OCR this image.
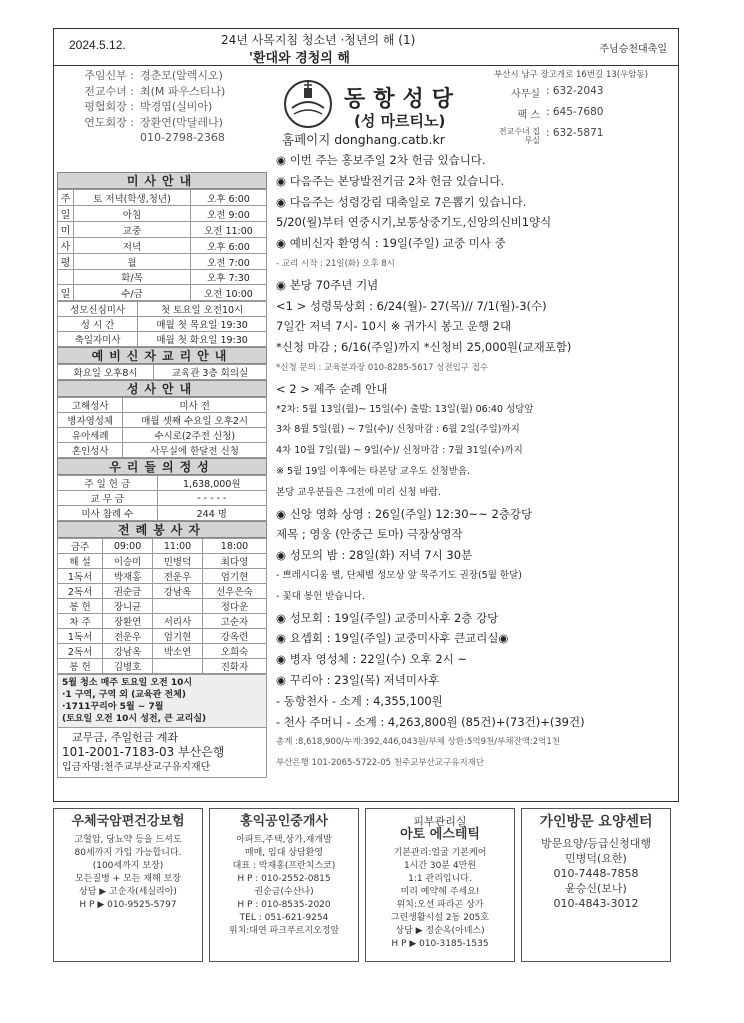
2024.5.12.	24년 사목지침 청소년 ·청년의 해 (1)
'환대와 경청의 해
주님승천대축일
주임신부 : 경춘모(알렉시오)
전교수녀 : 최(M 파우스티나)
평협회장 : 박경엽(실비아)
연도회장 : 장환연(막달레나)
010-2798-2368
동항성당
(성 마르티노)
홈페이지 donghang.catb.kr
부산시 남구 장고개로 16번길 13(우암동)
사무실 : 632-2043
팩 스 : 645-7680
전교수녀 집무실
: 632-5871
미사안내
주	토 저녁(학생,청년)	오후 6:00
일	아침	오전 9:00
미	교중	오전 11:00
사	저녁	오후 6:00
평	월	오전 7:00
	화/목	오후 7:30
일	수/금	오전 10:00
성모신심미사	첫 토요일 오전10시
성 시 간	매월 첫 목요일 19:30
축일자미사	매월 첫 화요일 19:30
예비신자교리안내
화요일 오후8시	교육관 3층 회의실
성사안내
고해성사	미사 전
병자영성체	매월 셋째 수요일 오후2시
유아세례	수시로(2주전 신청)
혼인성사	사무실에 한달전 신청
우리들의정성
주 일 헌 금	1,638,000원
교 무 금	- - - - -
미사 참례 수	244 명
전례봉사자
금주	09:00	11:00	18:00
해 설	이승미	민병덕	최다영
1독서	박재홍	전운우	엄기현
2독서	권순금	강남옥	선우은숙
봉 헌	장니균		정다운
차 주	장환연	서리사	고순자
1독서	전운우	엄기현	강옥련
2독서	강남옥	박소연	오희숙
봉 헌	김병호		진화자
5월 청소 매주 토요일 오전 10시
·1 구역, 구역 외 (교육관 전체)
·1711꾸리아 5월 ~ 7월
(토요일 오전 10시 성전, 큰 교리실)
교무금, 주일헌금 계좌
101-2001-7183-03 부산은행
입금자명:천주교부산교구유지재단
◉ 이번 주는 홍보주일 2차 헌금 있습니다.
◉ 다음주는 본당발전기금 2차 헌금 있습니다.
◉ 다음주는 성령강림 대축일로 7은뽑기 있습니다.
5/20(월)부터 연중시기,보통상중기도,신앙의신비1양식
◉ 예비신자 환영식 : 19일(주일) 교중 미사 중
- 교리 시작 : 21일(화) 오후 8시
◉ 본당 70주년 기념
<1 > 성령묵상회 : 6/24(월)- 27(목)// 7/1(월)-3(수)
7일간 저녁 7시- 10시 ※ 귀가시 봉고 운행 2대
*신청 마감 ; 6/16(주일)까지 *신청비 25,000원(교재포함)
*신청 문의 : 교육분과장 010-8285-5617 성전입구 접수
< 2 > 제주 순례 안내
*2차: 5월 13일(월)~ 15일(수) 출발: 13일(월) 06:40 성당앞
3차 8월 5일(월) ~ 7일(수)/ 신청마감 : 6월 2일(주일)까지
4차 10월 7일(월) ~ 9일(수)/ 신청마감 : 7월 31일(수)까지
※ 5월 19일 이후에는 타본당 교우도 신청받음.
본당 교우분들은 그전에 미리 신청 바람.
◉ 신앙 영화 상영 : 26일(주일) 12:30~~ 2층강당
제목 ; 영웅 (안중근 토마) 극장상영작
◉ 성모의 밤 : 28일(화) 저녁 7시 30분
- 쁘레시디움 별, 단체별 성모상 앞 묵주기도 권장(5월 한달)
- 꽃대 봉헌 받습니다.
◉ 성모회 : 19일(주일) 교중미사후 2층 강당
◉ 요셉회 : 19일(주일) 교중미사후 큰교리실◉
◉ 병자 영성체 : 22일(수) 오후 2시 ~
◉ 꾸리아 : 23일(목) 저녁미사후
- 동항천사 - 소계 : 4,355,100원
- 천사 주머니 - 소계 : 4,263,800원 (85건)+(73건)+(39건)
총계 :8,618,900/누계:392,446,043원/부채 상환:5억9천/부채잔액:2억1천
부산은행 101-2065-5722-05 천주교부산교구유지재단
우체국암편건강보험
고혈압, 당뇨약 등을 드셔도
80세까지 가입 가능합니다.
(100세까지 보장)
모든질병 + 모든 재해 보장
상담 ▶ 고순자(세실리아)
H P ▶ 010-9525-5797
홍익공인중개사
아파트,주택,상가,재개발
매매, 임대 상담환영
대표 : 박재홍(프란치스코)
H P : 010-2552-0815
권순금(수산나)
H P : 010-8535-2020
TEL : 051-621-9254
위치:대연 파크푸르지오정앞
피부관리실
아토 에스테틱
기본관리:얼굴 기본케어
1시간 30분 4만원
1:1 관리입니다.
미리 예약해 주세요!
위치:오션 파라곤 상가
그린생활시설 2동 205호
상담 ▶ 정순옥(아녜스)
H P ▶ 010-3185-1535
가인방문 요양센터
방문요양/등급신청대행
민병덕(요한)
010-7448-7858
윤승신(보나)
010-4843-3012
